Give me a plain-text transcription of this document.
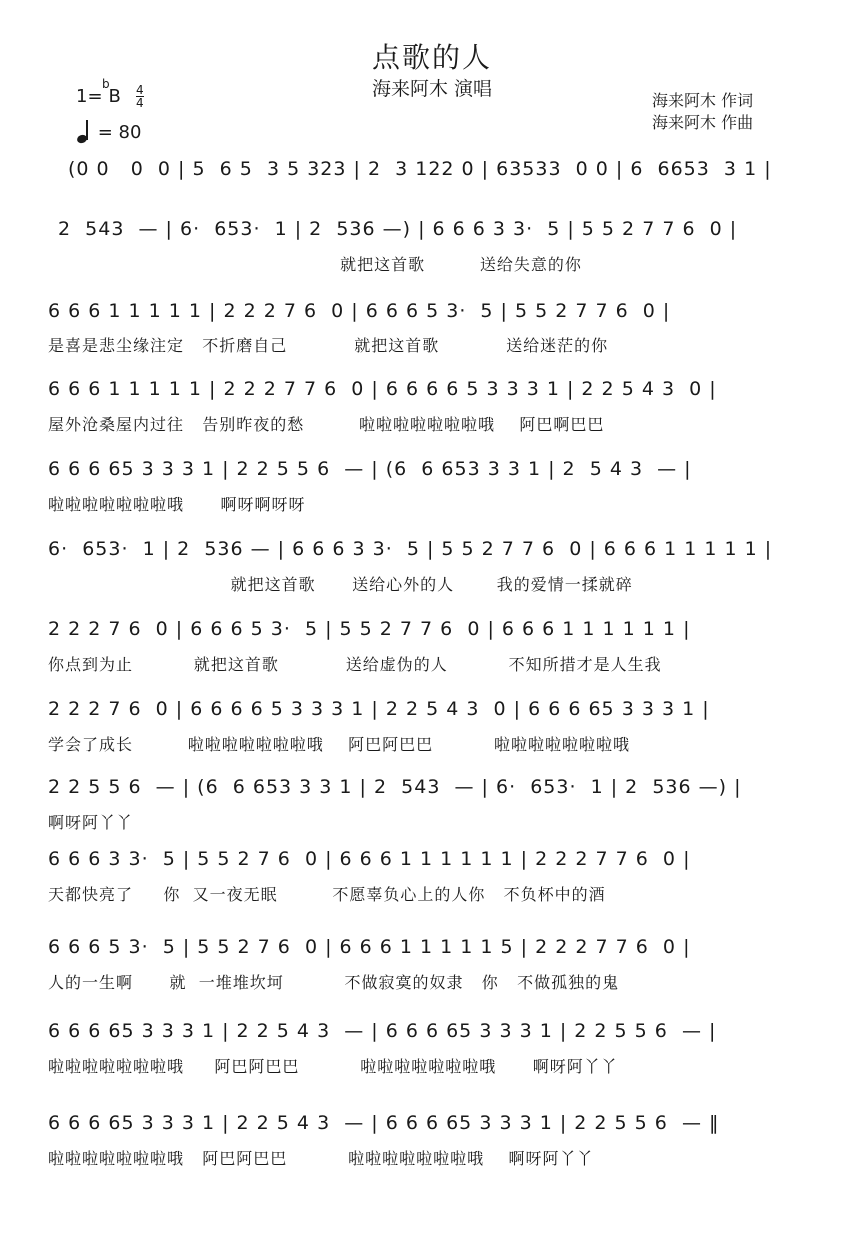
点歌的人
海来阿木 演唱
海来阿木 作词
海来阿木 作曲
1=
b
B 4
4
= 80
(0 0   0  0 | 5  6 5  3 5 323 | 2  3 122 0 | 63533  0 0 | 6  6653  3 1 |
2  543  — | 6·  653·  1 | 2  536 —) | 6 6 6 3 3·  5 | 5 5 2 7 7 6  0 |
就把这首歌         送给失意的你
6 6 6 1 1 1 1 1 | 2 2 2 7 6  0 | 6 6 6 5 3·  5 | 5 5 2 7 7 6  0 |
是喜是悲尘缘注定   不折磨自己           就把这首歌           送给迷茫的你
6 6 6 1 1 1 1 1 | 2 2 2 7 7 6  0 | 6 6 6 6 5 3 3 3 1 | 2 2 5 4 3  0 |
屋外沧桑屋内过往   告别昨夜的愁         啦啦啦啦啦啦啦哦    阿巴啊巴巴
6 6 6 65 3 3 3 1 | 2 2 5 5 6  — | (6  6 653 3 3 1 | 2  5 4 3  — |
啦啦啦啦啦啦啦哦      啊呀啊呀呀
6·  653·  1 | 2  536 — | 6 6 6 3 3·  5 | 5 5 2 7 7 6  0 | 6 6 6 1 1 1 1 1 |
就把这首歌      送给心外的人       我的爱情一揉就碎
2 2 2 7 6  0 | 6 6 6 5 3·  5 | 5 5 2 7 7 6  0 | 6 6 6 1 1 1 1 1 1 |
你点到为止          就把这首歌           送给虚伪的人          不知所措才是人生我
2 2 2 7 6  0 | 6 6 6 6 5 3 3 3 1 | 2 2 5 4 3  0 | 6 6 6 65 3 3 3 1 |
学会了成长         啦啦啦啦啦啦啦哦    阿巴阿巴巴          啦啦啦啦啦啦啦哦
2 2 5 5 6  — | (6  6 653 3 3 1 | 2  543  — | 6·  653·  1 | 2  536 —) |
啊呀阿丫丫
6 6 6 3 3·  5 | 5 5 2 7 6  0 | 6 6 6 1 1 1 1 1 1 | 2 2 2 7 7 6  0 |
天都快亮了     你  又一夜无眠         不愿辜负心上的人你   不负杯中的酒
6 6 6 5 3·  5 | 5 5 2 7 6  0 | 6 6 6 1 1 1 1 1 5 | 2 2 2 7 7 6  0 |
人的一生啊      就  一堆堆坎坷          不做寂寞的奴隶   你   不做孤独的鬼
6 6 6 65 3 3 3 1 | 2 2 5 4 3  — | 6 6 6 65 3 3 3 1 | 2 2 5 5 6  — |
啦啦啦啦啦啦啦哦     阿巴阿巴巴          啦啦啦啦啦啦啦哦      啊呀阿丫丫
6 6 6 65 3 3 3 1 | 2 2 5 4 3  — | 6 6 6 65 3 3 3 1 | 2 2 5 5 6  — ‖
啦啦啦啦啦啦啦哦   阿巴阿巴巴          啦啦啦啦啦啦啦哦    啊呀阿丫丫
